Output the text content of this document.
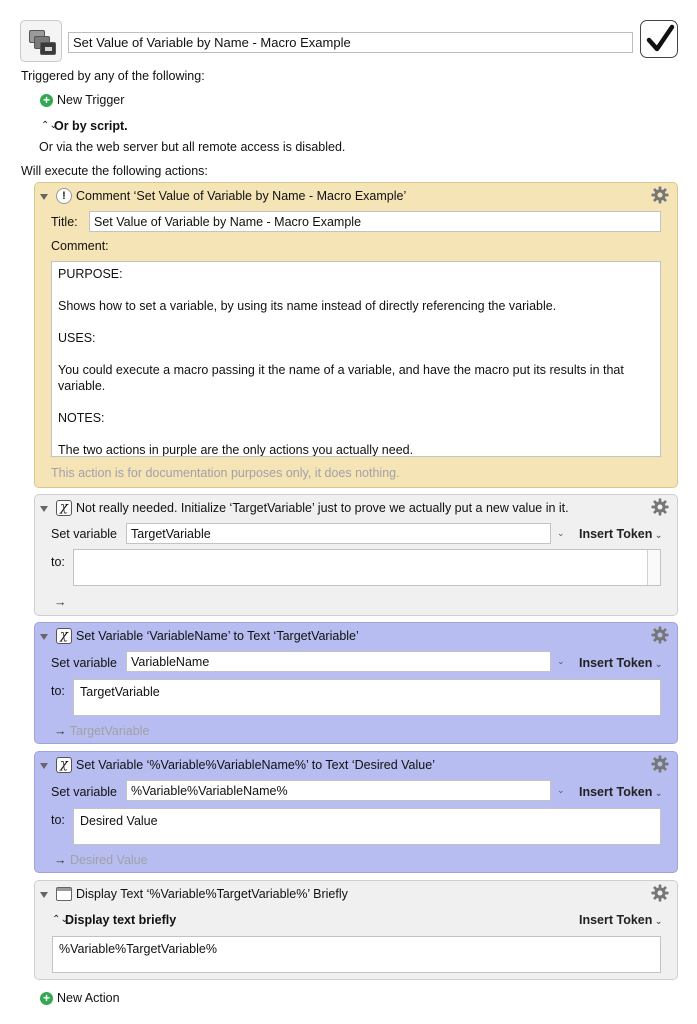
Set Value of Variable by Name - Macro Example
Triggered by any of the following:
+ New Trigger
⌃⌄
Or by script.
Or via the web server but all remote access is disabled.
Will execute the following actions:
! Comment ‘Set Value of Variable by Name - Macro Example’
Title:	Set Value of Variable by Name - Macro Example
Comment:
PURPOSE:

Shows how to set a variable, by using its name instead of directly referencing the variable.

USES:

You could execute a macro passing it the name of a variable, and have the macro put its results in that variable.

NOTES:

The two actions in purple are the only actions you actually need.
This action is for documentation purposes only, it does nothing.
χ Not really needed. Initialize ‘TargetVariable’ just to prove we actually put a new value in it.
Set variable	TargetVariable	⌄ Insert Token ⌄
to:
→
χ Set Variable ‘VariableName’ to Text ‘TargetVariable’
Set variable	VariableName	⌄ Insert Token ⌄
to:	TargetVariable
→ TargetVariable
χ Set Variable ‘%Variable%VariableName%’ to Text ‘Desired Value’
Set variable	%Variable%VariableName%	⌄ Insert Token ⌄
to:	Desired Value
→ Desired Value
Display Text ‘%Variable%TargetVariable%’ Briefly
⌃⌄
Display text briefly	Insert Token ⌄
%Variable%TargetVariable%
+ New Action
